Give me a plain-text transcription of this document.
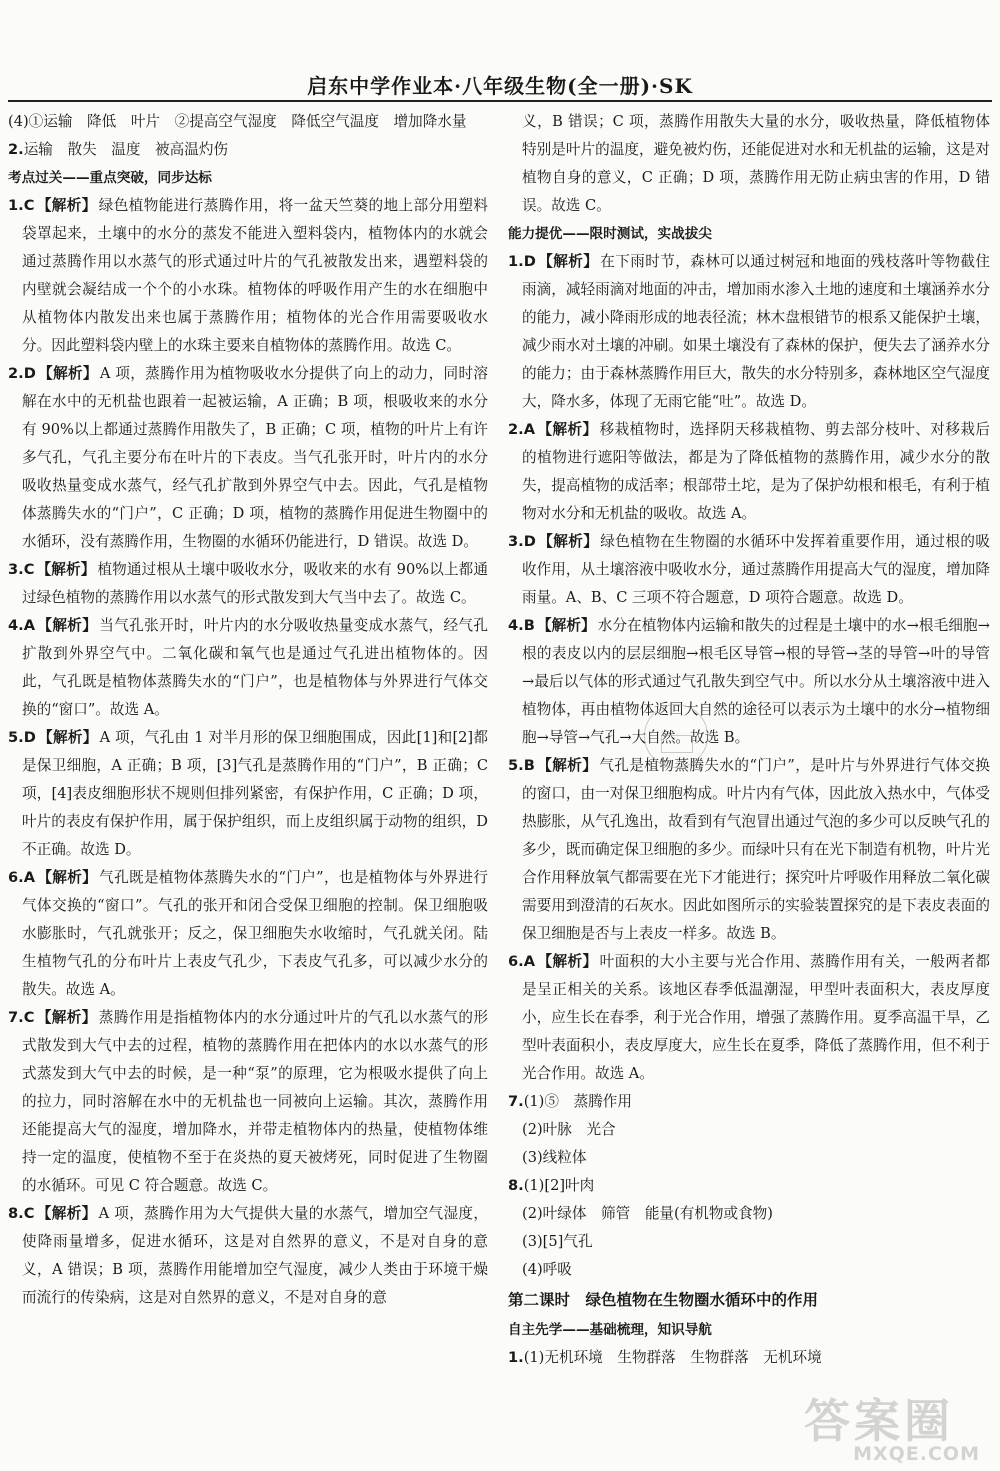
启东中学作业本·八年级生物(全一册)·SK

(4)①运输　降低　叶片　②提高空气湿度　降低空气温度　增加降水量

2.运输　散失　温度　被高温灼伤

考点过关——重点突破，同步达标

1.C 【解析】 绿色植物能进行蒸腾作用，将一盆天竺葵的地上部分用塑料袋罩起来，土壤中的水分的蒸发不能进入塑料袋内，植物体内的水就会通过蒸腾作用以水蒸气的形式通过叶片的气孔被散发出来，遇塑料袋的内壁就会凝结成一个个的小水珠。植物体的呼吸作用产生的水在细胞中从植物体内散发出来也属于蒸腾作用；植物体的光合作用需要吸收水分。因此塑料袋内壁上的水珠主要来自植物体的蒸腾作用。故选 C。

2.D 【解析】 A 项，蒸腾作用为植物吸收水分提供了向上的动力，同时溶解在水中的无机盐也跟着一起被运输，A 正确；B 项，根吸收来的水分有 90%以上都通过蒸腾作用散失了，B 正确；C 项，植物的叶片上有许多气孔，气孔主要分布在叶片的下表皮。当气孔张开时，叶片内的水分吸收热量变成水蒸气，经气孔扩散到外界空气中去。因此，气孔是植物体蒸腾失水的“门户”，C 正确；D 项，植物的蒸腾作用促进生物圈中的水循环，没有蒸腾作用，生物圈的水循环仍能进行，D 错误。故选 D。

3.C 【解析】 植物通过根从土壤中吸收水分，吸收来的水有 90%以上都通过绿色植物的蒸腾作用以水蒸气的形式散发到大气当中去了。故选 C。

4.A 【解析】 当气孔张开时，叶片内的水分吸收热量变成水蒸气，经气孔扩散到外界空气中。二氧化碳和氧气也是通过气孔进出植物体的。因此，气孔既是植物体蒸腾失水的“门户”，也是植物体与外界进行气体交换的“窗口”。故选 A。

5.D 【解析】 A 项，气孔由 1 对半月形的保卫细胞围成，因此[1]和[2]都是保卫细胞，A 正确；B 项，[3]气孔是蒸腾作用的“门户”，B 正确；C 项，[4]表皮细胞形状不规则但排列紧密，有保护作用，C 正确；D 项，叶片的表皮有保护作用，属于保护组织，而上皮组织属于动物的组织，D 不正确。故选 D。

6.A 【解析】 气孔既是植物体蒸腾失水的“门户”，也是植物体与外界进行气体交换的“窗口”。气孔的张开和闭合受保卫细胞的控制。保卫细胞吸水膨胀时，气孔就张开；反之，保卫细胞失水收缩时，气孔就关闭。陆生植物气孔的分布叶片上表皮气孔少，下表皮气孔多，可以减少水分的散失。故选 A。

7.C 【解析】 蒸腾作用是指植物体内的水分通过叶片的气孔以水蒸气的形式散发到大气中去的过程，植物的蒸腾作用在把体内的水以水蒸气的形式蒸发到大气中去的时候，是一种“泵”的原理，它为根吸水提供了向上的拉力，同时溶解在水中的无机盐也一同被向上运输。其次，蒸腾作用还能提高大气的湿度，增加降水，并带走植物体内的热量，使植物体维持一定的温度，使植物不至于在炎热的夏天被烤死，同时促进了生物圈的水循环。可见 C 符合题意。故选 C。

8.C 【解析】 A 项，蒸腾作用为大气提供大量的水蒸气，增加空气湿度，使降雨量增多，促进水循环，这是对自然界的意义，不是对自身的意义，A 错误；B 项，蒸腾作用能增加空气湿度，减少人类由于环境干燥而流行的传染病，这是对自然界的意义，不是对自身的意

义，B 错误；C 项，蒸腾作用散失大量的水分，吸收热量，降低植物体特别是叶片的温度，避免被灼伤，还能促进对水和无机盐的运输，这是对植物自身的意义，C 正确；D 项，蒸腾作用无防止病虫害的作用，D 错误。故选 C。

能力提优——限时测试，实战拔尖

1.D 【解析】 在下雨时节，森林可以通过树冠和地面的残枝落叶等物截住雨滴，减轻雨滴对地面的冲击，增加雨水渗入土地的速度和土壤涵养水分的能力，减小降雨形成的地表径流；林木盘根错节的根系又能保护土壤，减少雨水对土壤的冲刷。如果土壤没有了森林的保护，便失去了涵养水分的能力；由于森林蒸腾作用巨大，散失的水分特别多，森林地区空气湿度大，降水多，体现了无雨它能“吐”。故选 D。

2.A 【解析】 移栽植物时，选择阴天移栽植物、剪去部分枝叶、对移栽后的植物进行遮阳等做法，都是为了降低植物的蒸腾作用，减少水分的散失，提高植物的成活率；根部带土坨，是为了保护幼根和根毛，有利于植物对水分和无机盐的吸收。故选 A。

3.D 【解析】 绿色植物在生物圈的水循环中发挥着重要作用，通过根的吸收作用，从土壤溶液中吸收水分，通过蒸腾作用提高大气的湿度，增加降雨量。A、B、C 三项不符合题意，D 项符合题意。故选 D。

4.B 【解析】 水分在植物体内运输和散失的过程是土壤中的水→根毛细胞→根的表皮以内的层层细胞→根毛区导管→根的导管→茎的导管→叶的导管→最后以气体的形式通过气孔散失到空气中。所以水分从土壤溶液中进入植物体，再由植物体返回大自然的途径可以表示为土壤中的水分→植物细胞→导管→气孔→大自然。故选 B。

5.B 【解析】 气孔是植物蒸腾失水的“门户”，是叶片与外界进行气体交换的窗口，由一对保卫细胞构成。叶片内有气体，因此放入热水中，气体受热膨胀，从气孔逸出，故看到有气泡冒出通过气泡的多少可以反映气孔的多少，既而确定保卫细胞的多少。而绿叶只有在光下制造有机物，叶片光合作用释放氧气都需要在光下才能进行；探究叶片呼吸作用释放二氧化碳需要用到澄清的石灰水。因此如图所示的实验装置探究的是下表皮表面的保卫细胞是否与上表皮一样多。故选 B。

6.A 【解析】 叶面积的大小主要与光合作用、蒸腾作用有关，一般两者都是呈正相关的关系。该地区春季低温潮湿，甲型叶表面积大，表皮厚度小，应生长在春季，利于光合作用，增强了蒸腾作用。夏季高温干旱，乙型叶表面积小，表皮厚度大，应生长在夏季，降低了蒸腾作用，但不利于光合作用。故选 A。

7.(1)⑤　蒸腾作用

(2)叶脉　光合

(3)线粒体

8.(1)[2]叶肉

(2)叶绿体　筛管　能量(有机物或食物)

(3)[5]气孔

(4)呼吸

第二课时　绿色植物在生物圈水循环中的作用

自主先学——基础梳理，知识导航

1.(1)无机环境　生物群落　生物群落　无机环境

答案圈
MXQE.COM
